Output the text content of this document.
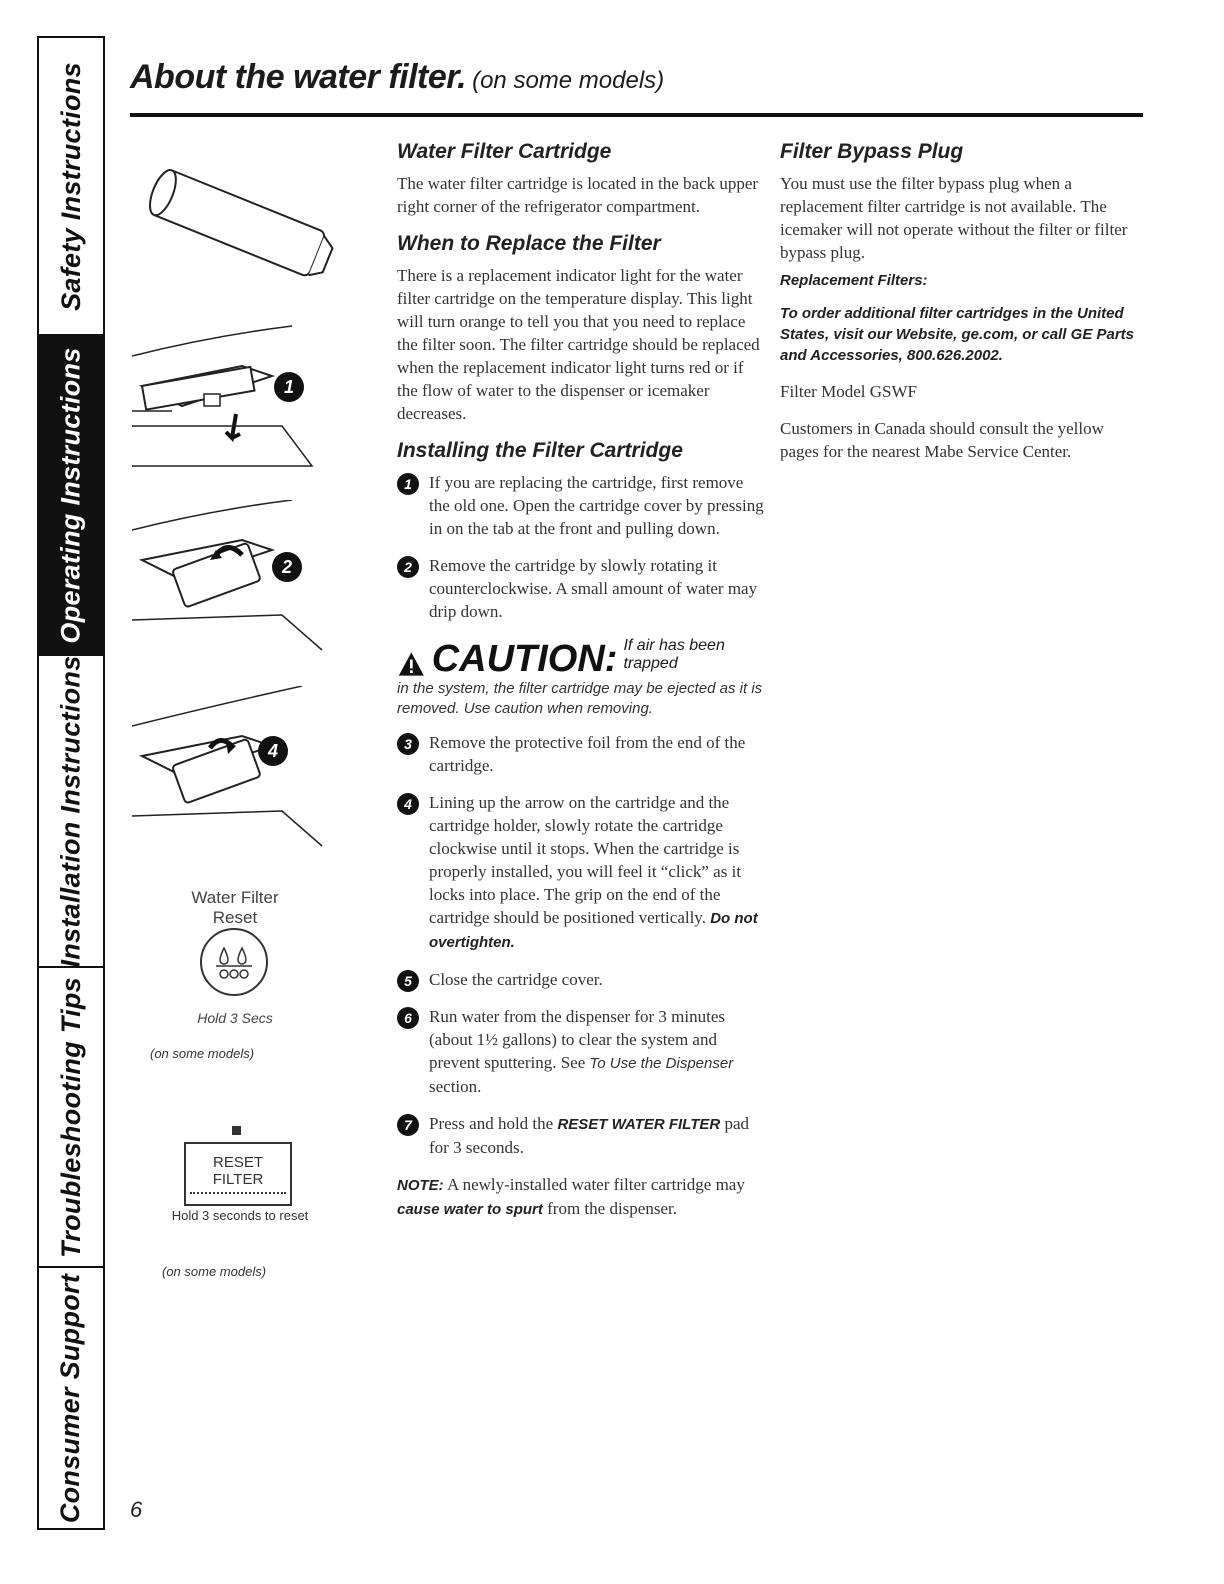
Safety Instructions
Operating Instructions
Installation Instructions
Troubleshooting Tips
Consumer Support
About the water filter. (on some models)
1
2
4
Water Filter
Reset
Hold 3 Secs
(on some models)
RESET
FILTER
Hold 3 seconds to reset
(on some models)
Water Filter Cartridge
The water filter cartridge is located in the back upper right corner of the refrigerator compartment.
When to Replace the Filter
There is a replacement indicator light for the water filter cartridge on the temperature display. This light will turn orange to tell you that you need to replace the filter soon. The filter cartridge should be replaced when the replacement indicator light turns red or if the flow of water to the dispenser or icemaker decreases.
Installing the Filter Cartridge
1	If you are replacing the cartridge, first remove the old one. Open the cartridge cover by pressing in on the tab at the front and pulling down.
2	Remove the cartridge by slowly rotating it counterclockwise. A small amount of water may drip down.
CAUTION: If air has been trapped
in the system, the filter cartridge may be ejected as it is removed. Use caution when removing.
3	Remove the protective foil from the end of the cartridge.
4	Lining up the arrow on the cartridge and the cartridge holder, slowly rotate the cartridge clockwise until it stops. When the cartridge is properly installed, you will feel it “click” as it locks into place. The grip on the end of the cartridge should be positioned vertically. Do not overtighten.
5	Close the cartridge cover.
6	Run water from the dispenser for 3 minutes (about 1½ gallons) to clear the system and prevent sputtering. See To Use the Dispenser section.
7	Press and hold the RESET WATER FILTER pad for 3 seconds.
NOTE: A newly-installed water filter cartridge may cause water to spurt from the dispenser.
Filter Bypass Plug
You must use the filter bypass plug when a replacement filter cartridge is not available. The icemaker will not operate without the filter or filter bypass plug.
Replacement Filters:
To order additional filter cartridges in the United States, visit our Website, ge.com, or call GE Parts and Accessories, 800.626.2002.
Filter Model GSWF
Customers in Canada should consult the yellow pages for the nearest Mabe Service Center.
6
